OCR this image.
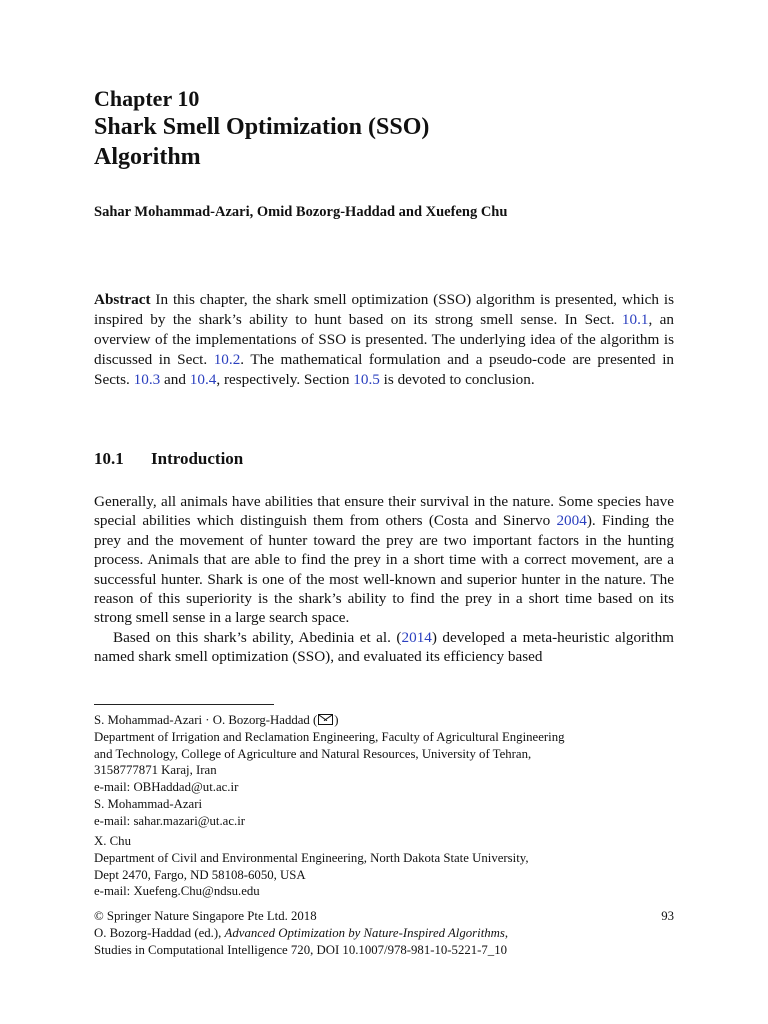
Chapter 10
Shark Smell Optimization (SSO)
Algorithm
Sahar Mohammad-Azari, Omid Bozorg-Haddad and Xuefeng Chu
Abstract In this chapter, the shark smell optimization (SSO) algorithm is presented, which is inspired by the shark’s ability to hunt based on its strong smell sense. In Sect. 10.1, an overview of the implementations of SSO is presented. The underlying idea of the algorithm is discussed in Sect. 10.2. The mathematical formulation and a pseudo-code are presented in Sects. 10.3 and 10.4, respectively. Section 10.5 is devoted to conclusion.
10.1 Introduction

Generally, all animals have abilities that ensure their survival in the nature. Some species have special abilities which distinguish them from others (Costa and Sinervo 2004). Finding the prey and the movement of hunter toward the prey are two important factors in the hunting process. Animals that are able to find the prey in a short time with a correct movement, are a successful hunter. Shark is one of the most well-known and superior hunter in the nature. The reason of this superiority is the shark’s ability to find the prey in a short time based on its strong smell sense in a large search space.

Based on this shark’s ability, Abedinia et al. (2014) developed a meta-heuristic algorithm named shark smell optimization (SSO), and evaluated its efficiency based

S. Mohammad-Azari · O. Bozorg-Haddad ( )
Department of Irrigation and Reclamation Engineering, Faculty of Agricultural Engineering
and Technology, College of Agriculture and Natural Resources, University of Tehran,
3158777871 Karaj, Iran
e-mail: OBHaddad@ut.ac.ir
S. Mohammad-Azari
e-mail: sahar.mazari@ut.ac.ir
X. Chu
Department of Civil and Environmental Engineering, North Dakota State University,
Dept 2470, Fargo, ND 58108-6050, USA
e-mail: Xuefeng.Chu@ndsu.edu
© Springer Nature Singapore Pte Ltd. 2018
O. Bozorg-Haddad (ed.), Advanced Optimization by Nature-Inspired Algorithms,
Studies in Computational Intelligence 720, DOI 10.1007/978-981-10-5221-7_10
93
